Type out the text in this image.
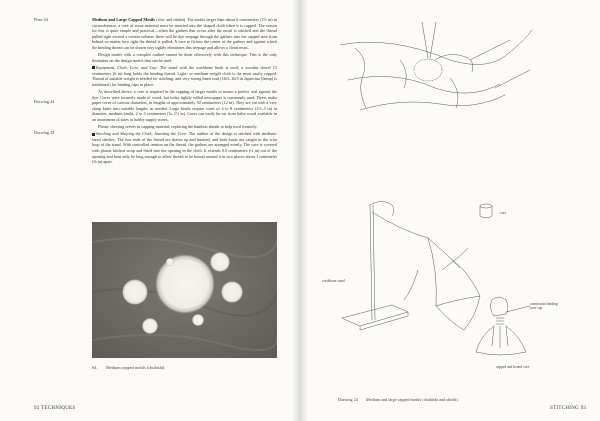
Plate 64
Drawing 24
Drawing 24

Medium and Large Capped Motifs (chu- and obishi). For motifs larger than about 6 centimeters (2½ in) in circumference, a core of some material must be inserted into the shaped cloth when it is capped. The reason for this is quite simple and practical—when the gathers that occur after the motif is stitched and the thread pulled tight exceed a certain volume, there will be dye seepage through the gathers into the capped area from behind no matter how tight the thread is pulled. A core to fit into the center of the gathers and against which the binding thread can be drawn very tightly eliminates this seepage and allows a clean resist.

Design motifs with a complex outline cannot be done effectively with this technique. This is the only limitation on the design motifs that can be used.

Equipment, Cloth, Core, and Cap: The stand with the washbone hook is used, a wooden dowel 15 centimeters (6 in) long holds the binding thread. Light- or medium-weight cloth is the most easily capped. Thread of suitable weight is needed for stitching, and very strong linen cord (16/3–16/5 in Japan asa [hemp] is traditional) for binding caps in place.

As described above, a core is required in the capping of larger motifs to insure a perfect seal against the dye. Cores were formerly made of wood, but today tightly rolled newspaper is commonly used. Dyers make paper cores of various diameters, in lengths of approximately 30 centimeters (12 in). They are cut with a very sharp knife into suitable lengths as needed. Large bisshi require cores of 4 to 8 centimeters (1½–3 in) in diameter, medium bisshi, 2 to 4 centimeters (¾–1½ in). Cores can easily be cut from balsa wood available in an assortment of sizes at hobby supply stores.

Plastic sheeting serves as capping material, replacing the bamboo sheath or kelp used formerly.

Stitching and Shaping the Cloth; Inserting the Core: The outline of the design is stitched with medium-sized stitches. The two ends of the thread are drawn up and knotted, and both knots are caught in the wire loop of the stand. With controlled tension on the thread, the gathers are arranged evenly. The core is covered with plastic kitchen wrap and fitted into the opening in the cloth. It extends 0.5 centimeters (¼ in) out of the opening and bent only be long enough to allow thread to be bound around it in two places about 1 centimeter (⅜ in) apart.

64. Medium capped motifs (chubishi).
92 TECHNIQUES
core
washbone stand
continuous binding
over cap
capped and bound core
Drawing 24. Medium and large capped motifs (chubishi and obishi).
STITCHING 93
